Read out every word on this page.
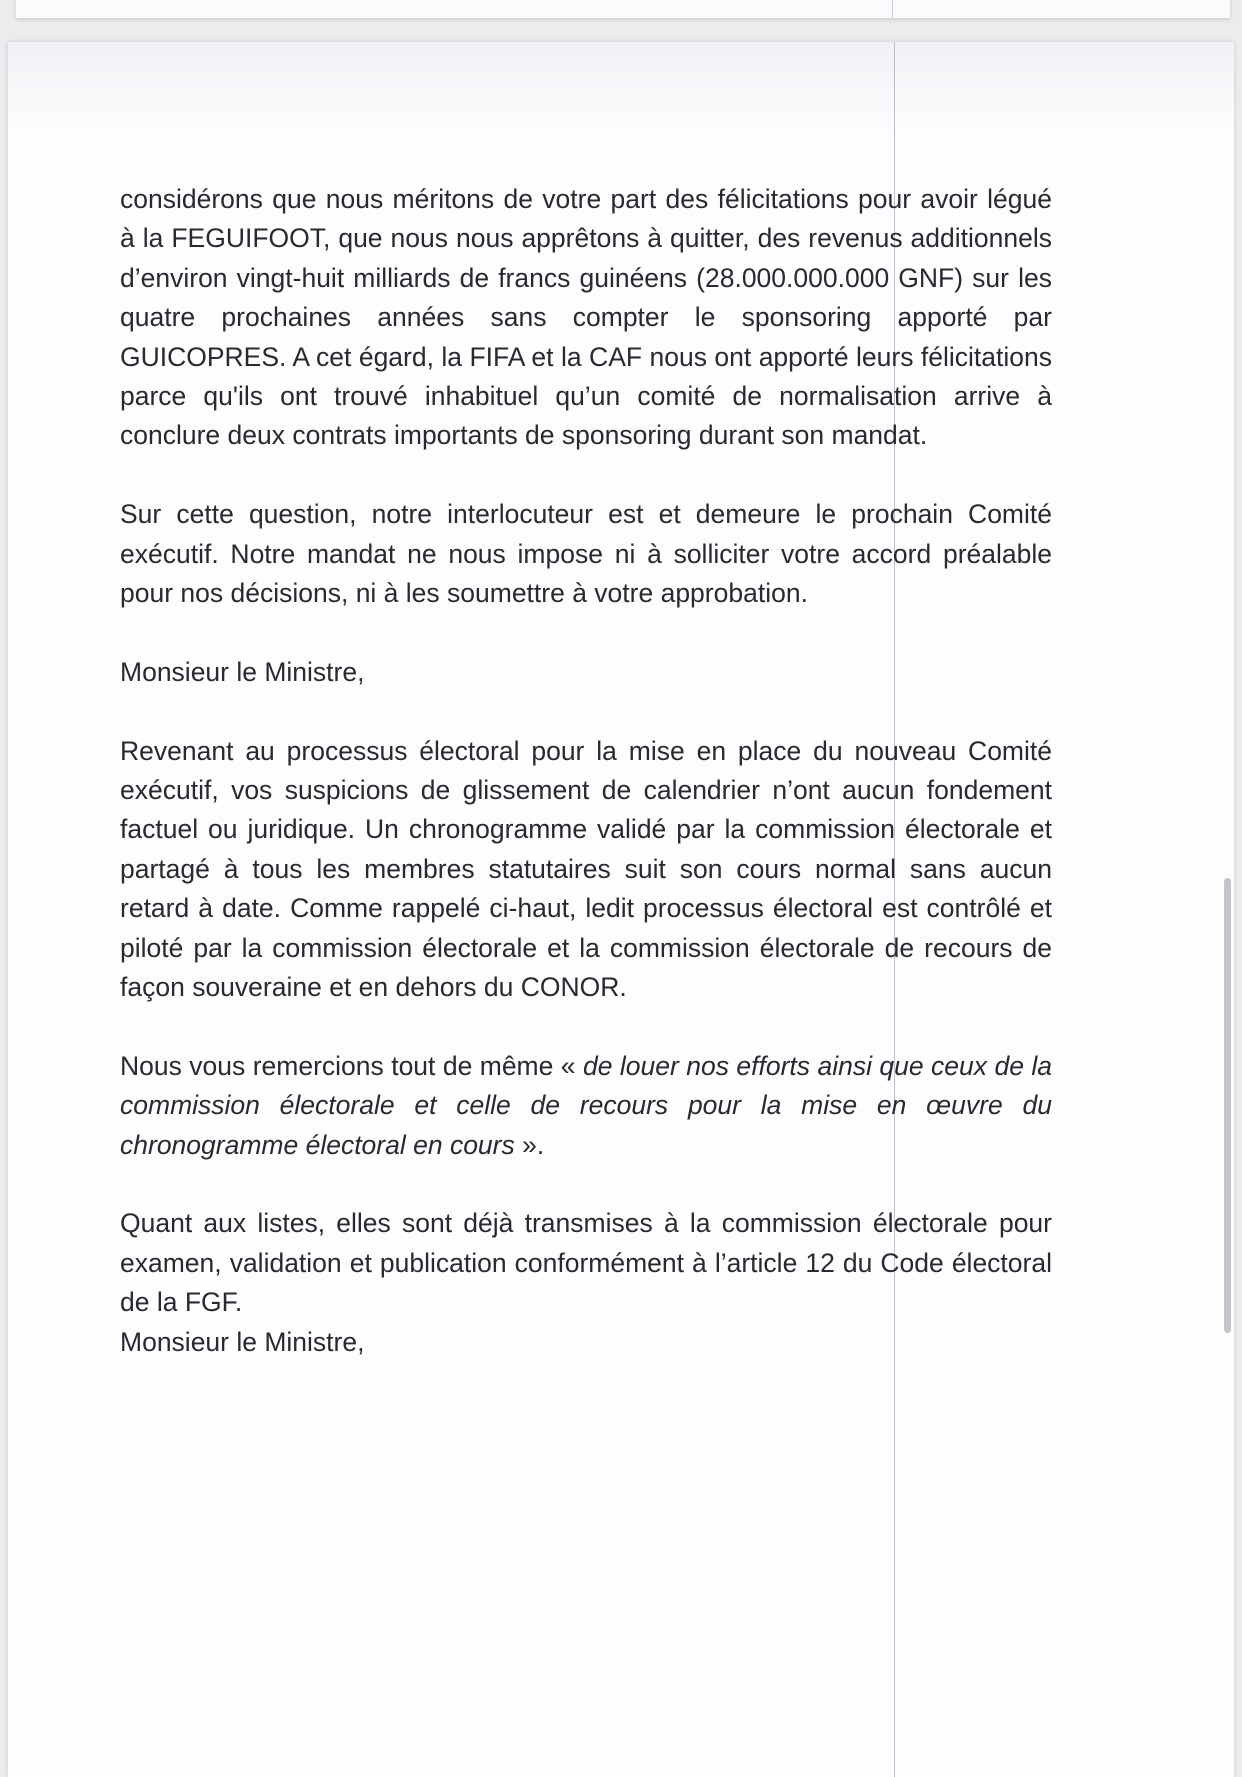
considérons que nous méritons de votre part des félicitations pour avoir légué à la FEGUIFOOT, que nous nous apprêtons à quitter, des revenus additionnels d’environ vingt-huit milliards de francs guinéens (28.000.000.000 GNF) sur les quatre prochaines années sans compter le sponsoring apporté par GUICOPRES. A cet égard, la FIFA et la CAF nous ont apporté leurs félicitations parce qu'ils ont trouvé inhabituel qu’un comité de normalisation arrive à conclure deux contrats importants de sponsoring durant son mandat.

Sur cette question, notre interlocuteur est et demeure le prochain Comité exécutif. Notre mandat ne nous impose ni à solliciter votre accord préalable pour nos décisions, ni à les soumettre à votre approbation.

Monsieur le Ministre,

Revenant au processus électoral pour la mise en place du nouveau Comité exécutif, vos suspicions de glissement de calendrier n’ont aucun fondement factuel ou juridique. Un chronogramme validé par la commission électorale et partagé à tous les membres statutaires suit son cours normal sans aucun retard à date. Comme rappelé ci-haut, ledit processus électoral est contrôlé et piloté par la commission électorale et la commission électorale de recours de façon souveraine et en dehors du CONOR.

Nous vous remercions tout de même « de louer nos efforts ainsi que ceux de la commission électorale et celle de recours pour la mise en œuvre du chronogramme électoral en cours ».

Quant aux listes, elles sont déjà transmises à la commission électorale pour examen, validation et publication conformément à l’article 12 du Code électoral de la FGF.

Monsieur le Ministre,
